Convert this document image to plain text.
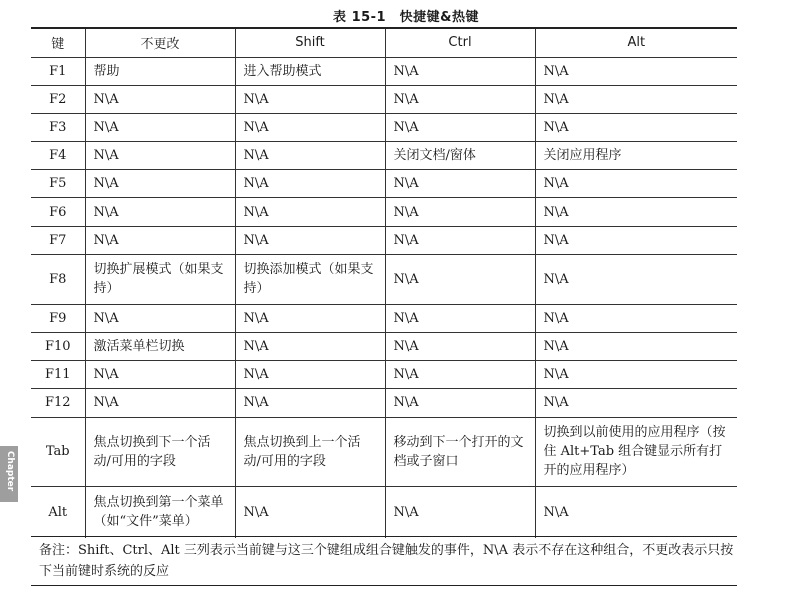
表 15-1　快捷键&热键
键	不更改	Shift	Ctrl	Alt
F1	帮助	进入帮助模式	N\A	N\A
F2	N\A	N\A	N\A	N\A
F3	N\A	N\A	N\A	N\A
F4	N\A	N\A	关闭文档/窗体	关闭应用程序
F5	N\A	N\A	N\A	N\A
F6	N\A	N\A	N\A	N\A
F7	N\A	N\A	N\A	N\A
F8	切换扩展模式（如果支持）	切换添加模式（如果支持）	N\A	N\A
F9	N\A	N\A	N\A	N\A
F10	激活菜单栏切换	N\A	N\A	N\A
F11	N\A	N\A	N\A	N\A
F12	N\A	N\A	N\A	N\A
Tab	焦点切换到下一个活动/可用的字段	焦点切换到上一个活动/可用的字段	移动到下一个打开的文档或子窗口	切换到以前使用的应用程序（按住 Alt+Tab 组合键显示所有打开的应用程序）
Alt	焦点切换到第一个菜单（如“文件”菜单）	N\A	N\A	N\A
备注：Shift、Ctrl、Alt 三列表示当前键与这三个键组成组合键触发的事件，N\A 表示不存在这种组合，不更改表示只按下当前键时系统的反应
Chapter
